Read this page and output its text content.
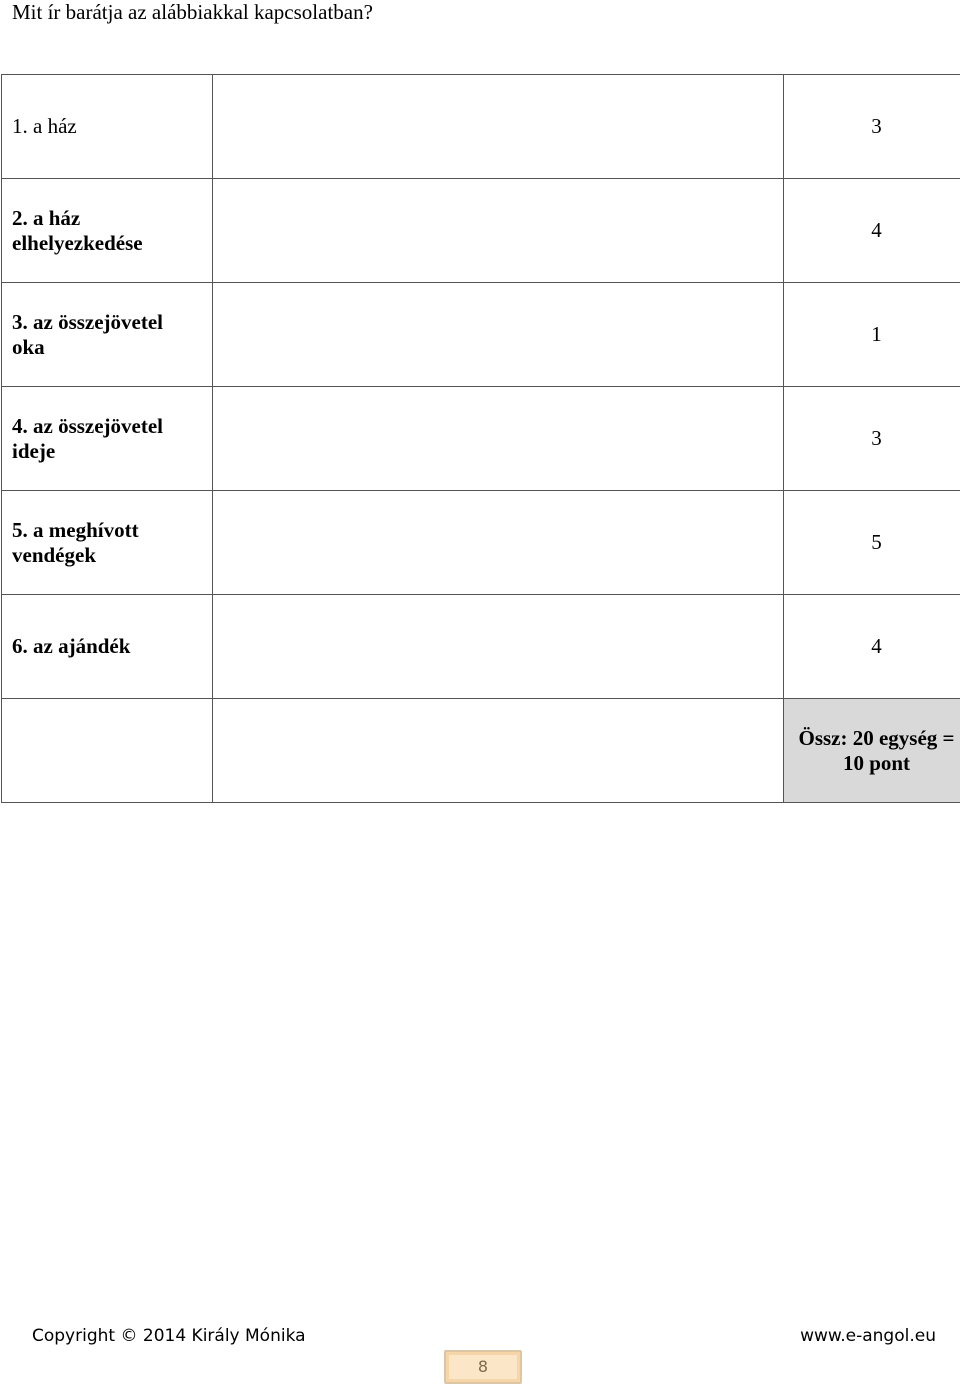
Mit ír barátja az alábbiakkal kapcsolatban?
1. a ház		3
2. a ház
elhelyezkedése		4
3. az összejövetel
oka		1
4. az összejövetel
ideje		3
5. a meghívott
vendégek		5
6. az ajándék		4

		Össz: 20 egység =
10 pont
Copyright © 2014 Király Mónika	www.e-angol.eu
8
